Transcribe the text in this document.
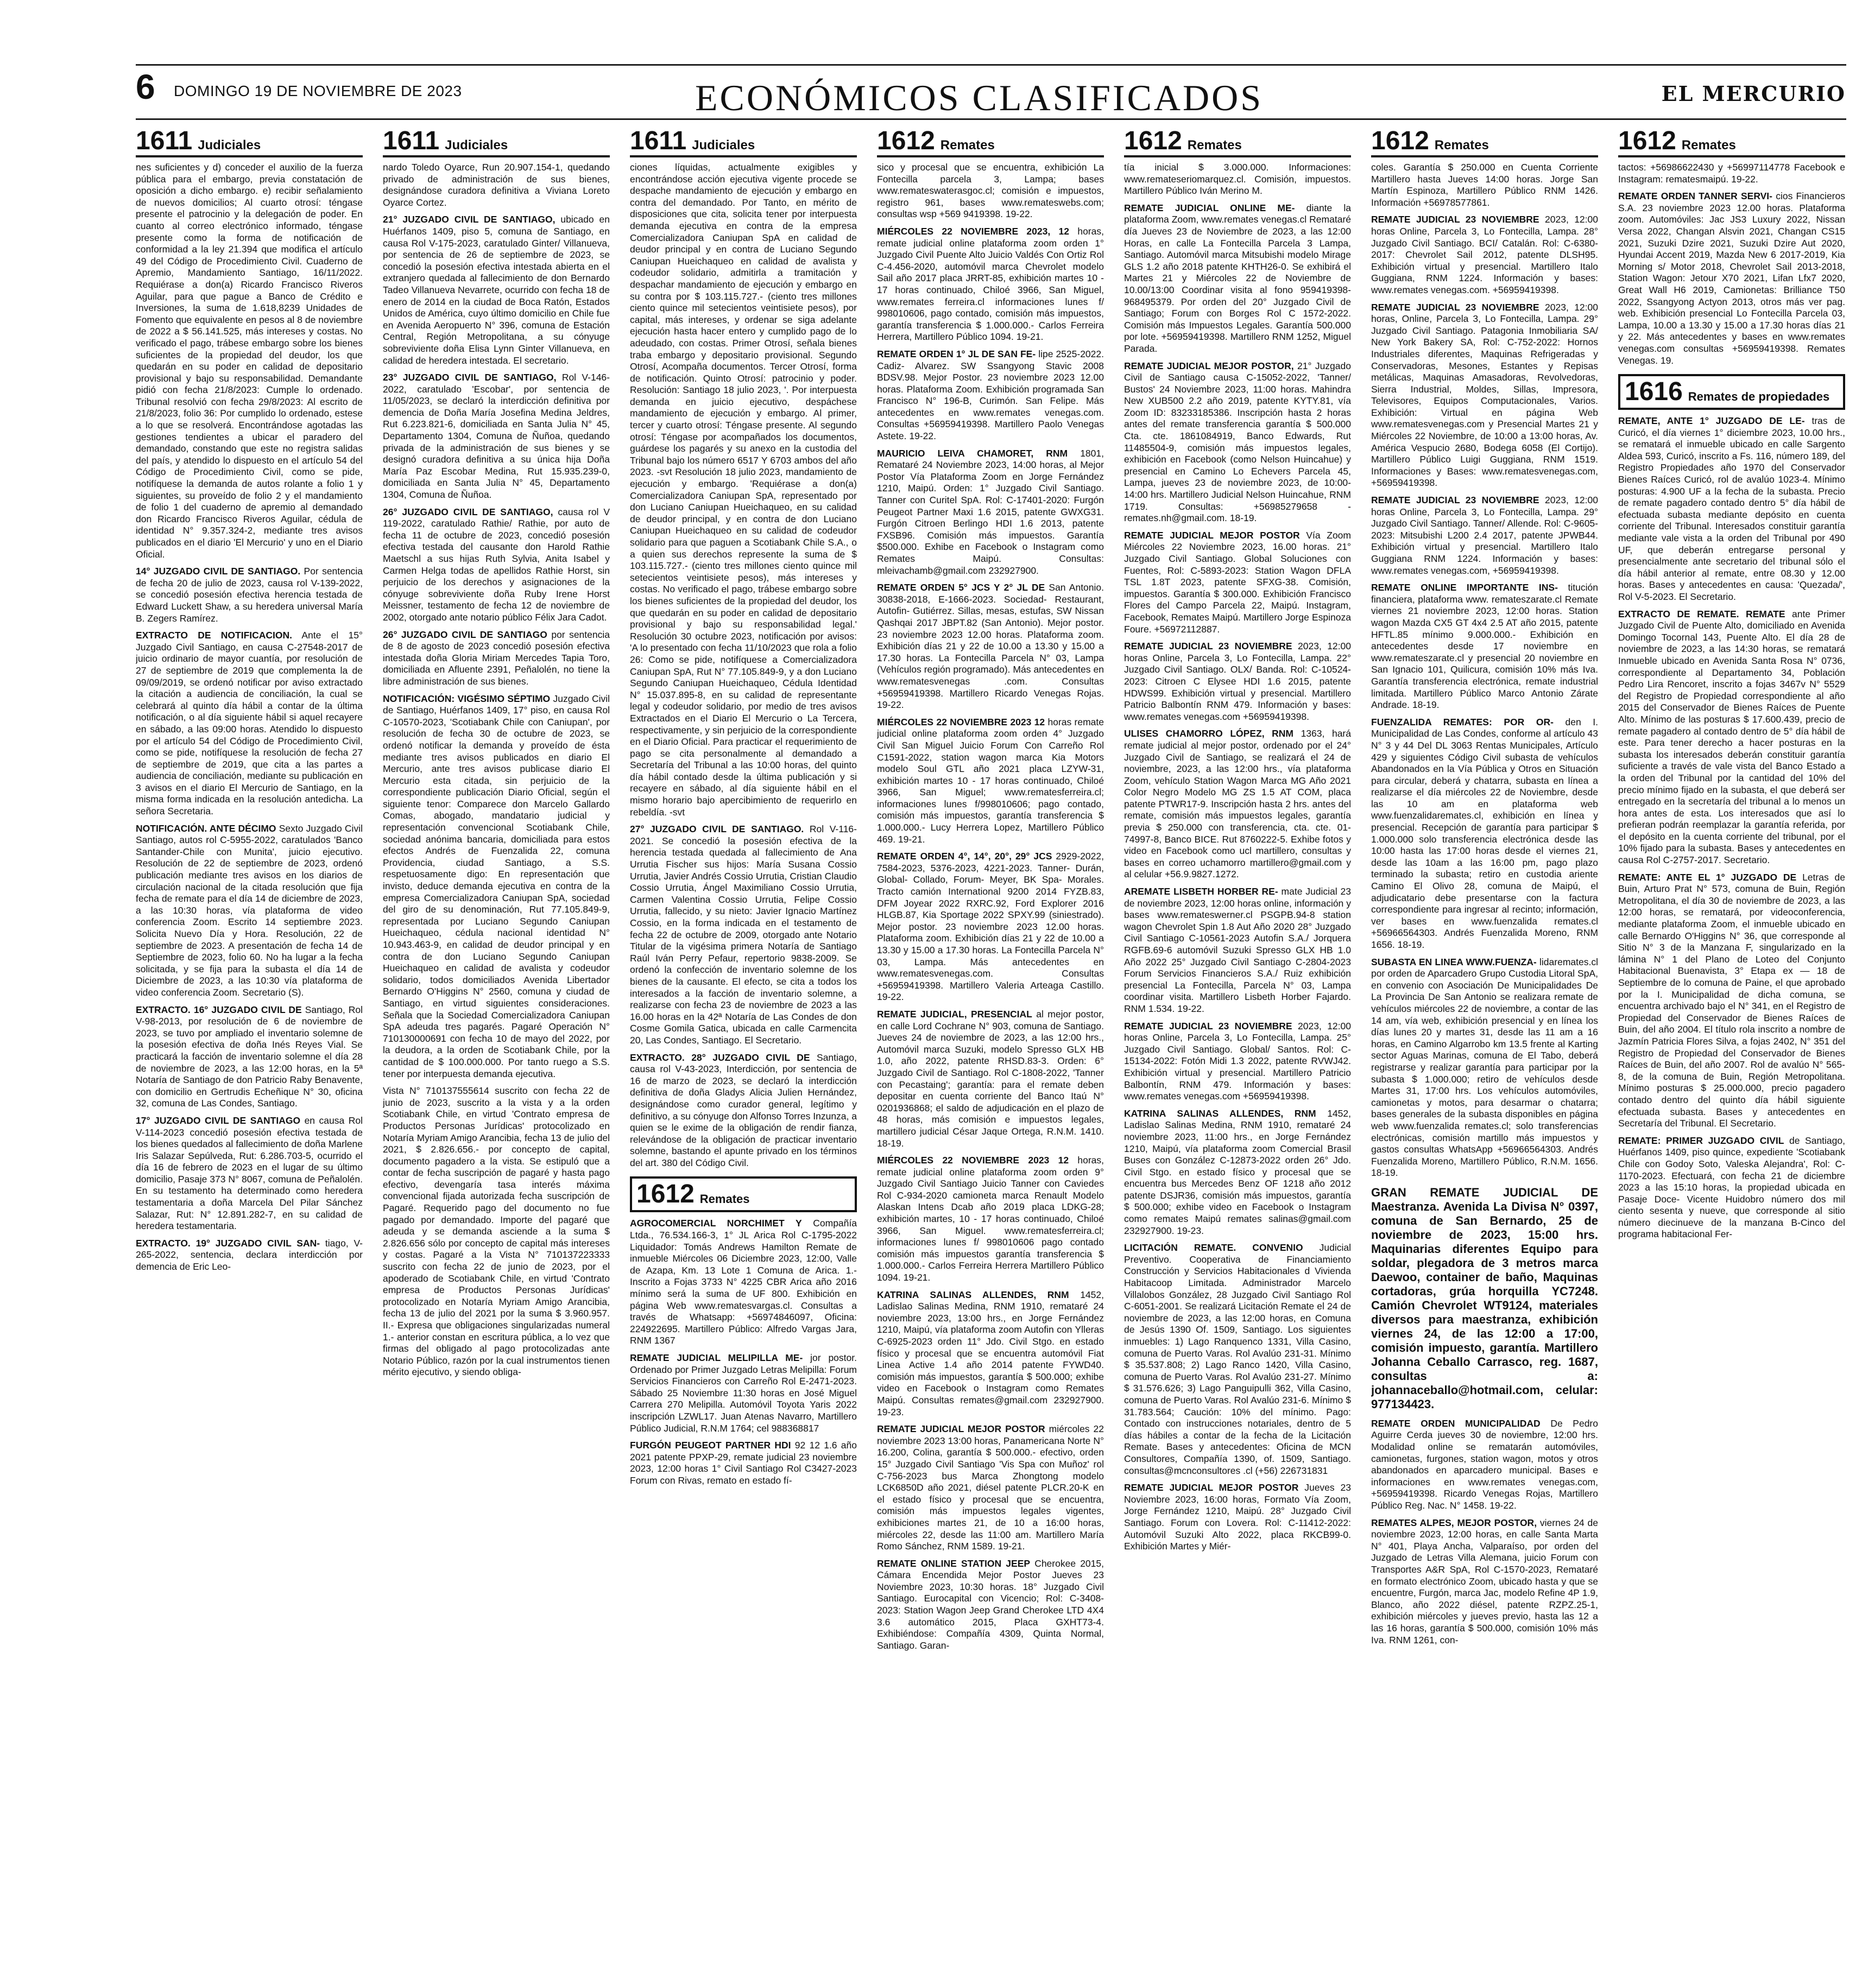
6 DOMINGO 19 DE NOVIEMBRE DE 2023	ECONÓMICOS CLASIFICADOS	EL MERCURIO
1611 Judiciales

nes suficientes y d) conceder el auxilio de la fuerza pública para el embargo, previa constatación de oposición a dicho embargo. e) recibir señalamiento de nuevos domicilios; Al cuarto otrosí: téngase presente el patrocinio y la delegación de poder. En cuanto al correo electrónico informado, téngase presente como la forma de notificación de conformidad a la ley 21.394 que modifica el artículo 49 del Código de Procedimiento Civil. Cuaderno de Apremio, Mandamiento Santiago, 16/11/2022. Requiérase a don(a) Ricardo Francisco Riveros Aguilar, para que pague a Banco de Crédito e Inversiones, la suma de 1.618,8239 Unidades de Fomento que equivalente en pesos al 8 de noviembre de 2022 a $ 56.141.525, más intereses y costas. No verificado el pago, trábese embargo sobre los bienes suficientes de la propiedad del deudor, los que quedarán en su poder en calidad de depositario provisional y bajo su responsabilidad. Demandante pidió con fecha 21/8/2023: Cumple lo ordenado. Tribunal resolvió con fecha 29/8/2023: Al escrito de 21/8/2023, folio 36: Por cumplido lo ordenado, estese a lo que se resolverá. Encontrándose agotadas las gestiones tendientes a ubicar el paradero del demandado, constando que este no registra salidas del país, y atendido lo dispuesto en el artículo 54 del Código de Procedimiento Civil, como se pide, notifíquese la demanda de autos rolante a folio 1 y siguientes, su proveído de folio 2 y el mandamiento de folio 1 del cuaderno de apremio al demandado don Ricardo Francisco Riveros Aguilar, cédula de identidad N° 9.357.324-2, mediante tres avisos publicados en el diario 'El Mercurio' y uno en el Diario Oficial.

14° JUZGADO CIVIL DE SANTIAGO. Por sentencia de fecha 20 de julio de 2023, causa rol V-139-2022, se concedió posesión efectiva herencia testada de Edward Luckett Shaw, a su heredera universal María B. Zegers Ramírez.

EXTRACTO DE NOTIFICACION. Ante el 15° Juzgado Civil Santiago, en causa C-27548-2017 de juicio ordinario de mayor cuantía, por resolución de 27 de septiembre de 2019 que complementa la de 09/09/2019, se ordenó notificar por aviso extractado la citación a audiencia de conciliación, la cual se celebrará al quinto día hábil a contar de la última notificación, o al día siguiente hábil si aquel recayere en sábado, a las 09:00 horas. Atendido lo dispuesto por el artículo 54 del Código de Procedimiento Civil, como se pide, notifíquese la resolución de fecha 27 de septiembre de 2019, que cita a las partes a audiencia de conciliación, mediante su publicación en 3 avisos en el diario El Mercurio de Santiago, en la misma forma indicada en la resolución antedicha. La señora Secretaria.

NOTIFICACIÓN. ANTE DÉCIMO Sexto Juzgado Civil Santiago, autos rol C-5955-2022, caratulados 'Banco Santander-Chile con Munita', juicio ejecutivo. Resolución de 22 de septiembre de 2023, ordenó publicación mediante tres avisos en los diarios de circulación nacional de la citada resolución que fija fecha de remate para el día 14 de diciembre de 2023, a las 10:30 horas, vía plataforma de video conferencia Zoom. Escrito 14 septiembre 2023. Solicita Nuevo Día y Hora. Resolución, 22 de septiembre de 2023. A presentación de fecha 14 de Septiembre de 2023, folio 60. No ha lugar a la fecha solicitada, y se fija para la subasta el día 14 de Diciembre de 2023, a las 10:30 vía plataforma de video conferencia Zoom. Secretario (S).

EXTRACTO. 16° JUZGADO CIVIL DE Santiago, Rol V-98-2013, por resolución de 6 de noviembre de 2023, se tuvo por ampliado el inventario solemne de la posesión efectiva de doña Inés Reyes Vial. Se practicará la facción de inventario solemne el día 28 de noviembre de 2023, a las 12:00 horas, en la 5ª Notaría de Santiago de don Patricio Raby Benavente, con domicilio en Gertrudis Echeñique N° 30, oficina 32, comuna de Las Condes, Santiago.

17° JUZGADO CIVIL DE SANTIAGO en causa Rol V-114-2023 concedió posesión efectiva testada de los bienes quedados al fallecimiento de doña Marlene Iris Salazar Sepúlveda, Rut: 6.286.703-5, ocurrido el día 16 de febrero de 2023 en el lugar de su último domicilio, Pasaje 373 N° 8067, comuna de Peñalolén. En su testamento ha determinado como heredera testamentaria a doña Marcela Del Pilar Sánchez Salazar, Rut: N° 12.891.282-7, en su calidad de heredera testamentaria.

EXTRACTO. 19° JUZGADO CIVIL SAN- tiago, V-265-2022, sentencia, declara interdicción por demencia de Eric Leo-

1611 Judiciales

nardo Toledo Oyarce, Run 20.907.154-1, quedando privado de administración de sus bienes, designándose curadora definitiva a Viviana Loreto Oyarce Cortez.

21° JUZGADO CIVIL DE SANTIAGO, ubicado en Huérfanos 1409, piso 5, comuna de Santiago, en causa Rol V-175-2023, caratulado Ginter/ Villanueva, por sentencia de 26 de septiembre de 2023, se concedió la posesión efectiva intestada abierta en el extranjero quedada al fallecimiento de don Bernardo Tadeo Villanueva Nevarrete, ocurrido con fecha 18 de enero de 2014 en la ciudad de Boca Ratón, Estados Unidos de América, cuyo último domicilio en Chile fue en Avenida Aeropuerto N° 396, comuna de Estación Central, Región Metropolitana, a su cónyuge sobreviviente doña Elisa Lynn Ginter Villanueva, en calidad de heredera intestada. El secretario.

23° JUZGADO CIVIL DE SANTIAGO, Rol V-146-2022, caratulado 'Escobar', por sentencia de 11/05/2023, se declaró la interdicción definitiva por demencia de Doña María Josefina Medina Jeldres, Rut 6.223.821-6, domiciliada en Santa Julia N° 45, Departamento 1304, Comuna de Ñuñoa, quedando privada de la administración de sus bienes y se designó curadora definitiva a su única hija Doña María Paz Escobar Medina, Rut 15.935.239-0, domiciliada en Santa Julia N° 45, Departamento 1304, Comuna de Ñuñoa.

26° JUZGADO CIVIL DE SANTIAGO, causa rol V 119-2022, caratulado Rathie/ Rathie, por auto de fecha 11 de octubre de 2023, concedió posesión efectiva testada del causante don Harold Rathie Maetschl a sus hijas Ruth Sylvia, Anita Isabel y Carmen Helga todas de apellidos Rathie Horst, sin perjuicio de los derechos y asignaciones de la cónyuge sobreviviente doña Ruby Irene Horst Meissner, testamento de fecha 12 de noviembre de 2002, otorgado ante notario público Félix Jara Cadot.

26° JUZGADO CIVIL DE SANTIAGO por sentencia de 8 de agosto de 2023 concedió posesión efectiva intestada doña Gloria Miriam Mercedes Tapia Toro, domiciliada en Afluente 2391, Peñalolén, no tiene la libre administración de sus bienes.

NOTIFICACIÓN: VIGÉSIMO SÉPTIMO Juzgado Civil de Santiago, Huérfanos 1409, 17° piso, en causa Rol C-10570-2023, 'Scotiabank Chile con Caniupan', por resolución de fecha 30 de octubre de 2023, se ordenó notificar la demanda y proveído de ésta mediante tres avisos publicados en diario El Mercurio, ante tres avisos publicase diario El Mercurio esta citada, sin perjuicio de la correspondiente publicación Diario Oficial, según el siguiente tenor: Comparece don Marcelo Gallardo Comas, abogado, mandatario judicial y representación convencional Scotiabank Chile, sociedad anónima bancaria, domiciliada para estos efectos Andrés de Fuenzalida 22, comuna Providencia, ciudad Santiago, a S.S. respetuosamente digo: En representación que invisto, deduce demanda ejecutiva en contra de la empresa Comercializadora Caniupan SpA, sociedad del giro de su denominación, Rut 77.105.849-9, representada por Luciano Segundo Caniupan Hueichaqueo, cédula nacional identidad N° 10.943.463-9, en calidad de deudor principal y en contra de don Luciano Segundo Caniupan Hueichaqueo en calidad de avalista y codeudor solidario, todos domiciliados Avenida Libertador Bernardo O'Higgins N° 2560, comuna y ciudad de Santiago, en virtud siguientes consideraciones. Señala que la Sociedad Comercializadora Caniupan SpA adeuda tres pagarés. Pagaré Operación N° 710130000691 con fecha 10 de mayo del 2022, por la deudora, a la orden de Scotiabank Chile, por la cantidad de $ 100.000.000. Por tanto ruego a S.S. tener por interpuesta demanda ejecutiva.

Vista N° 710137555614 suscrito con fecha 22 de junio de 2023, suscrito a la vista y a la orden Scotiabank Chile, en virtud 'Contrato empresa de Productos Personas Jurídicas' protocolizado en Notaría Myriam Amigo Arancibia, fecha 13 de julio del 2021, $ 2.826.656.- por concepto de capital, documento pagadero a la vista. Se estipuló que a contar de fecha suscripción de pagaré y hasta pago efectivo, devengaría tasa interés máxima convencional fijada autorizada fecha suscripción de Pagaré. Requerido pago del documento no fue pagado por demandado. Importe del pagaré que adeuda y se demanda asciende a la suma $ 2.826.656 sólo por concepto de capital más intereses y costas. Pagaré a la Vista N° 710137223333 suscrito con fecha 22 de junio de 2023, por el apoderado de Scotiabank Chile, en virtud 'Contrato empresa de Productos Personas Jurídicas' protocolizado en Notaría Myriam Amigo Arancibia, fecha 13 de julio del 2021 por la suma $ 3.960.957. II.- Expresa que obligaciones singularizadas numeral 1.- anterior constan en escritura pública, a lo vez que firmas del obligado al pago protocolizadas ante Notario Público, razón por la cual instrumentos tienen mérito ejecutivo, y siendo obliga-

1611 Judiciales

ciones líquidas, actualmente exigibles y encontrándose acción ejecutiva vigente procede se despache mandamiento de ejecución y embargo en contra del demandado. Por Tanto, en mérito de disposiciones que cita, solicita tener por interpuesta demanda ejecutiva en contra de la empresa Comercializadora Caniupan SpA en calidad de deudor principal y en contra de Luciano Segundo Caniupan Hueichaqueo en calidad de avalista y codeudor solidario, admitirla a tramitación y despachar mandamiento de ejecución y embargo en su contra por $ 103.115.727.- (ciento tres millones ciento quince mil setecientos veintisiete pesos), por capital, más intereses, y ordenar se siga adelante ejecución hasta hacer entero y cumplido pago de lo adeudado, con costas. Primer Otrosí, señala bienes traba embargo y depositario provisional. Segundo Otrosí, Acompaña documentos. Tercer Otrosí, forma de notificación. Quinto Otrosí: patrocinio y poder. Resolución: Santiago 18 julio 2023, '. Por interpuesta demanda en juicio ejecutivo, despáchese mandamiento de ejecución y embargo. Al primer, tercer y cuarto otrosí: Téngase presente. Al segundo otrosí: Téngase por acompañados los documentos, guárdese los pagarés y su anexo en la custodia del Tribunal bajo los número 6517 Y 6703 ambos del año 2023. -svt Resolución 18 julio 2023, mandamiento de ejecución y embargo. 'Requiérase a don(a) Comercializadora Caniupan SpA, representado por don Luciano Caniupan Hueichaqueo, en su calidad de deudor principal, y en contra de don Luciano Caniupan Hueichaqueo en su calidad de codeudor solidario para que paguen a Scotiabank Chile S.A., o a quien sus derechos represente la suma de $ 103.115.727.- (ciento tres millones ciento quince mil setecientos veintisiete pesos), más intereses y costas. No verificado el pago, trábese embargo sobre los bienes suficientes de la propiedad del deudor, los que quedarán en su poder en calidad de depositario provisional y bajo su responsabilidad legal.' Resolución 30 octubre 2023, notificación por avisos: 'A lo presentado con fecha 11/10/2023 que rola a folio 26: Como se pide, notifíquese a Comercializadora Caniupan SpA, Rut N° 77.105.849-9, y a don Luciano Segundo Caniupan Hueichaqueo, Cédula Identidad N° 15.037.895-8, en su calidad de representante legal y codeudor solidario, por medio de tres avisos Extractados en el Diario El Mercurio o La Tercera, respectivamente, y sin perjuicio de la correspondiente en el Diario Oficial. Para practicar el requerimiento de pago se cita personalmente al demandado a Secretaría del Tribunal a las 10:00 horas, del quinto día hábil contado desde la última publicación y si recayere en sábado, al día siguiente hábil en el mismo horario bajo apercibimiento de requerirlo en rebeldía. -svt

27° JUZGADO CIVIL DE SANTIAGO. Rol V-116-2021. Se concedió la posesión efectiva de la herencia testada quedada al fallecimiento de Ana Urrutia Fischer sus hijos: María Susana Cossio Urrutia, Javier Andrés Cossio Urrutia, Cristian Claudio Cossio Urrutia, Ángel Maximiliano Cossio Urrutia, Carmen Valentina Cossio Urrutia, Felipe Cossio Urrutia, fallecido, y su nieto: Javier Ignacio Martínez Cossio, en la forma indicada en el testamento de fecha 22 de octubre de 2009, otorgado ante Notario Titular de la vigésima primera Notaría de Santiago Raúl Iván Perry Pefaur, repertorio 9838-2009. Se ordenó la confección de inventario solemne de los bienes de la causante. El efecto, se cita a todos los interesados a la facción de inventario solemne, a realizarse con fecha 23 de noviembre de 2023 a las 16.00 horas en la 42ª Notaría de Las Condes de don Cosme Gomila Gatica, ubicada en calle Carmencita 20, Las Condes, Santiago. El Secretario.

EXTRACTO. 28° JUZGADO CIVIL DE Santiago, causa rol V-43-2023, Interdicción, por sentencia de 16 de marzo de 2023, se declaró la interdicción definitiva de doña Gladys Alicia Julien Hernández, designándose como curador general, legítimo y definitivo, a su cónyuge don Alfonso Torres Inzunza, a quien se le exime de la obligación de rendir fianza, relevándose de la obligación de practicar inventario solemne, bastando el apunte privado en los términos del art. 380 del Código Civil.

1612 Remates

AGROCOMERCIAL NORCHIMET Y Compañía Ltda., 76.534.166-3, 1° JL Arica Rol C-1795-2022 Liquidador: Tomás Andrews Hamilton Remate de inmueble Miércoles 06 Diciembre 2023, 12:00, Valle de Azapa, Km. 13 Lote 1 Comuna de Arica. 1.- Inscrito a Fojas 3733 N° 4225 CBR Arica año 2016 mínimo será la suma de UF 800. Exhibición en página Web www.rematesvargas.cl. Consultas a través de Whatsapp: +56974846097, Oficina: 224922695. Martillero Público: Alfredo Vargas Jara, RNM 1367

REMATE JUDICIAL MELIPILLA ME- jor postor. Ordenado por Primer Juzgado Letras Melipilla: Forum Servicios Financieros con Carreño Rol E-2471-2023. Sábado 25 Noviembre 11:30 horas en José Miguel Carrera 270 Melipilla. Automóvil Toyota Yaris 2022 inscripción LZWL17. Juan Atenas Navarro, Martillero Público Judicial, R.N.M 1764; cel 988368817

FURGÓN PEUGEOT PARTNER HDI 92 12 1.6 año 2021 patente PPXP-29, remate judicial 23 noviembre 2023, 12:00 horas 1° Civil Santiago Rol C3427-2023 Forum con Rivas, remato en estado fí-

1612 Remates

sico y procesal que se encuentra, exhibición La Fontecilla parcela 3, Lampa; bases www.remateswaterasgoc.cl; comisión e impuestos, registro 961, bases www.remateswebs.com; consultas wsp +569 9419398. 19-22.

MIÉRCOLES 22 NOVIEMBRE 2023, 12 horas, remate judicial online plataforma zoom orden 1° Juzgado Civil Puente Alto Juicio Valdés Con Ortiz Rol C-4.456-2020, automóvil marca Chevrolet modelo Sail año 2017 placa JRRT-85, exhibición martes 10 - 17 horas continuado, Chiloé 3966, San Miguel, www.remates ferreira.cl informaciones lunes f/ 998010606, pago contado, comisión más impuestos, garantía transferencia $ 1.000.000.- Carlos Ferreira Herrera, Martillero Público 1094. 19-21.

REMATE ORDEN 1° JL DE SAN FE- lipe 2525-2022. Cadiz- Alvarez. SW Ssangyong Stavic 2008 BDSV.98. Mejor Postor. 23 noviembre 2023 12.00 horas. Plataforma Zoom. Exhibición programada San Francisco N° 196-B, Curimón. San Felipe. Más antecedentes en www.remates venegas.com. Consultas +56959419398. Martillero Paolo Venegas Astete. 19-22.

MAURICIO LEIVA CHAMORET, RNM 1801, Remataré 24 Noviembre 2023, 14:00 horas, al Mejor Postor Vía Plataforma Zoom en Jorge Fernández 1210, Maipú. Orden: 1° Juzgado Civil Santiago. Tanner con Curitel SpA. Rol: C-17401-2020: Furgón Peugeot Partner Maxi 1.6 2015, patente GWXG31. Furgón Citroen Berlingo HDI 1.6 2013, patente FXSB96. Comisión más impuestos. Garantía $500.000. Exhibe en Facebook o Instagram como Remates Maipú. Consultas: mleivachamb@gmail.com 232927900.

REMATE ORDEN 5° JCS Y 2° JL DE San Antonio. 30838-2018, E-1666-2023. Sociedad- Restaurant, Autofin- Gutiérrez. Sillas, mesas, estufas, SW Nissan Qashqai 2017 JBPT.82 (San Antonio). Mejor postor. 23 noviembre 2023 12.00 horas. Plataforma zoom. Exhibición días 21 y 22 de 10.00 a 13.30 y 15.00 a 17.30 horas. La Fontecilla Parcela N° 03, Lampa (Vehículos región programado). Más antecedentes en www.rematesvenegas .com. Consultas +56959419398. Martillero Ricardo Venegas Rojas. 19-22.

MIÉRCOLES 22 NOVIEMBRE 2023 12 horas remate judicial online plataforma zoom orden 4° Juzgado Civil San Miguel Juicio Forum Con Carreño Rol C1591-2022, station wagon marca Kia Motors modelo Soul GTL año 2021 placa LZYW-31, exhibición martes 10 - 17 horas continuado, Chiloé 3966, San Miguel; www.rematesferreira.cl; informaciones lunes f/998010606; pago contado, comisión más impuestos, garantía transferencia $ 1.000.000.- Lucy Herrera Lopez, Martillero Público 469. 19-21.

REMATE ORDEN 4°, 14°, 20°, 29° JCS 2929-2022, 7584-2023, 5376-2023, 4221-2023. Tanner- Durán, Global- Collado, Forum- Meyer, BK Spa- Morales. Tracto camión International 9200 2014 FYZB.83, DFM Joyear 2022 RXRC.92, Ford Explorer 2016 HLGB.87, Kia Sportage 2022 SPXY.99 (siniestrado). Mejor postor. 23 noviembre 2023 12.00 horas. Plataforma zoom. Exhibición días 21 y 22 de 10.00 a 13.30 y 15.00 a 17.30 horas. La Fontecilla Parcela N° 03, Lampa. Más antecedentes en www.rematesvenegas.com. Consultas +56959419398. Martillero Valeria Arteaga Castillo. 19-22.

REMATE JUDICIAL, PRESENCIAL al mejor postor, en calle Lord Cochrane N° 903, comuna de Santiago. Jueves 24 de noviembre de 2023, a las 12:00 hrs., Automóvil marca Suzuki, modelo Spresso GLX HB 1.0, año 2022, patente RHSD.83-3. Orden: 6° Juzgado Civil de Santiago. Rol C-1808-2022, 'Tanner con Pecastaing'; garantía: para el remate deben depositar en cuenta corriente del Banco Itaú N° 0201936868; el saldo de adjudicación en el plazo de 48 horas, más comisión e impuestos legales, martillero judicial César Jaque Ortega, R.N.M. 1410. 18-19.

MIÉRCOLES 22 NOVIEMBRE 2023 12 horas, remate judicial online plataforma zoom orden 9° Juzgado Civil Santiago Juicio Tanner con Caviedes Rol C-934-2020 camioneta marca Renault Modelo Alaskan Intens Dcab año 2019 placa LDKG-28; exhibición martes, 10 - 17 horas continuado, Chiloé 3966, San Miguel. www.rematesferreira.cl; informaciones lunes f/ 998010606 pago contado comisión más impuestos garantía transferencia $ 1.000.000.- Carlos Ferreira Herrera Martillero Público 1094. 19-21.

KATRINA SALINAS ALLENDES, RNM 1452, Ladislao Salinas Medina, RNM 1910, remataré 24 noviembre 2023, 13:00 hrs., en Jorge Fernández 1210, Maipú, vía plataforma zoom Autofin con Ylleras C-6925-2023 orden 11° Jdo. Civil Stgo. en estado físico y procesal que se encuentra automóvil Fiat Linea Active 1.4 año 2014 patente FYWD40. comisión más impuestos, garantía $ 500.000; exhibe video en Facebook o Instagram como Remates Maipú. Consultas remates@gmail.com 232927900. 19-23.

REMATE JUDICIAL MEJOR POSTOR miércoles 22 noviembre 2023 13:00 horas, Panamericana Norte N° 16.200, Colina, garantía $ 500.000.- efectivo, orden 15° Juzgado Civil Santiago 'Vis Spa con Muñoz' rol C-756-2023 bus Marca Zhongtong modelo LCK6850D año 2021, diésel patente PLCR.20-K en el estado físico y procesal que se encuentra, comisión más impuestos legales vigentes, exhibiciones martes 21, de 10 a 16:00 horas, miércoles 22, desde las 11:00 am. Martillero María Romo Sánchez, RNM 1589. 19-21.

REMATE ONLINE STATION JEEP Cherokee 2015, Cámara Encendida Mejor Postor Jueves 23 Noviembre 2023, 10:30 horas. 18° Juzgado Civil Santiago. Eurocapital con Vicencio; Rol: C-3408-2023: Station Wagon Jeep Grand Cherokee LTD 4X4 3.6 automático 2015, Placa GXHT73-4. Exhibiéndose: Compañía 4309, Quinta Normal, Santiago. Garan-

1612 Remates

tía inicial $ 3.000.000. Informaciones: www.remateseriomarquez.cl. Comisión, impuestos. Martillero Público Iván Merino M.

REMATE JUDICIAL ONLINE ME- diante la plataforma Zoom, www.remates venegas.cl Remataré día Jueves 23 de Noviembre de 2023, a las 12:00 Horas, en calle La Fontecilla Parcela 3 Lampa, Santiago. Automóvil marca Mitsubishi modelo Mirage GLS 1.2 año 2018 patente KHTH26-0. Se exhibirá el Martes 21 y Miércoles 22 de Noviembre de 10.00/13:00 Coordinar visita al fono 959419398-968495379. Por orden del 20° Juzgado Civil de Santiago; Forum con Borges Rol C 1572-2022. Comisión más Impuestos Legales. Garantía 500.000 por lote. +56959419398. Martillero RNM 1252, Miguel Parada.

REMATE JUDICIAL MEJOR POSTOR, 21° Juzgado Civil de Santiago causa C-15052-2022, 'Tanner/ Bustos' 24 Noviembre 2023, 11:00 horas. Mahindra New XUB500 2.2 año 2019, patente KYTY.81, vía Zoom ID: 83233185386. Inscripción hasta 2 horas antes del remate transferencia garantía $ 500.000 Cta. cte. 1861084919, Banco Edwards, Rut 11485504-9, comisión más impuestos legales, exhibición en Facebook (como Nelson Huincahue) y presencial en Camino Lo Echevers Parcela 45, Lampa, jueves 23 de noviembre 2023, de 10:00-14:00 hrs. Martillero Judicial Nelson Huincahue, RNM 1719. Consultas: +56985279658 - remates.nh@gmail.com. 18-19.

REMATE JUDICIAL MEJOR POSTOR Vía Zoom Miércoles 22 Noviembre 2023, 16.00 horas. 21° Juzgado Civil Santiago. Global Soluciones con Fuentes, Rol: C-5893-2023: Station Wagon DFLA TSL 1.8T 2023, patente SFXG-38. Comisión, impuestos. Garantía $ 300.000. Exhibición Francisco Flores del Campo Parcela 22, Maipú. Instagram, Facebook, Remates Maipú. Martillero Jorge Espinoza Foure. +56972112887.

REMATE JUDICIAL 23 NOVIEMBRE 2023, 12:00 horas Online, Parcela 3, Lo Fontecilla, Lampa. 22° Juzgado Civil Santiago. OLX/ Banda. Rol: C-10524-2023: Citroen C Elysee HDI 1.6 2015, patente HDWS99. Exhibición virtual y presencial. Martillero Patricio Balbontín RNM 479. Información y bases: www.remates venegas.com +56959419398.

ULISES CHAMORRO LÓPEZ, RNM 1363, hará remate judicial al mejor postor, ordenado por el 24° Juzgado Civil de Santiago, se realizará el 24 de noviembre, 2023, a las 12:00 hrs., vía plataforma Zoom, vehículo Station Wagon Marca MG Año 2021 Color Negro Modelo MG ZS 1.5 AT COM, placa patente PTWR17-9. Inscripción hasta 2 hrs. antes del remate, comisión más impuestos legales, garantía previa $ 250.000 con transferencia, cta. cte. 01-74997-8, Banco BICE. Rut 8760222-5. Exhibe fotos y video en Facebook como ucl martillero, consultas y bases en correo uchamorro martillero@gmail.com y al celular +56.9.9827.1272.

AREMATE LISBETH HORBER RE- mate Judicial 23 de noviembre 2023, 12:00 horas online, información y bases www.remateswerner.cl PSGPB.94-8 station wagon Chevrolet Spin 1.8 Aut Año 2020 28° Juzgado Civil Santiago C-10561-2023 Autofin S.A./ Jorquera RGFB.69-6 automóvil Suzuki Spresso GLX HB 1.0 Año 2022 25° Juzgado Civil Santiago C-2804-2023 Forum Servicios Financieros S.A./ Ruiz exhibición presencial La Fontecilla, Parcela N° 03, Lampa coordinar visita. Martillero Lisbeth Horber Fajardo. RNM 1.534. 19-22.

REMATE JUDICIAL 23 NOVIEMBRE 2023, 12:00 horas Online, Parcela 3, Lo Fontecilla, Lampa. 25° Juzgado Civil Santiago. Global/ Santos. Rol: C-15134-2022: Fotón Midi 1.3 2022, patente RVWJ42. Exhibición virtual y presencial. Martillero Patricio Balbontín, RNM 479. Información y bases: www.remates venegas.com +56959419398.

KATRINA SALINAS ALLENDES, RNM 1452, Ladislao Salinas Medina, RNM 1910, remataré 24 noviembre 2023, 11:00 hrs., en Jorge Fernández 1210, Maipú, vía plataforma zoom Comercial Brasil Buses con González C-12873-2022 orden 26° Jdo. Civil Stgo. en estado físico y procesal que se encuentra bus Mercedes Benz OF 1218 año 2012 patente DSJR36, comisión más impuestos, garantía $ 500.000; exhibe video en Facebook o Instagram como remates Maipú remates salinas@gmail.com 232927900. 19-23.

LICITACIÓN REMATE. CONVENIO Judicial Preventivo. Cooperativa de Financiamiento Construcción y Servicios Habitacionales d Vivienda Habitacoop Limitada. Administrador Marcelo Villalobos González, 28 Juzgado Civil Santiago Rol C-6051-2001. Se realizará Licitación Remate el 24 de noviembre de 2023, a las 12:00 horas, en Comuna de Jesús 1390 Of. 1509, Santiago. Los siguientes inmuebles: 1) Lago Ranquenco 1331, Villa Casino, comuna de Puerto Varas. Rol Avalúo 231-31. Mínimo $ 35.537.808; 2) Lago Ranco 1420, Villa Casino, comuna de Puerto Varas. Rol Avalúo 231-27. Mínimo $ 31.576.626; 3) Lago Panguipulli 362, Villa Casino, comuna de Puerto Varas. Rol Avalúo 231-6. Mínimo $ 31.783.564; Caución: 10% del mínimo. Pago: Contado con instrucciones notariales, dentro de 5 días hábiles a contar de la fecha de la Licitación Remate. Bases y antecedentes: Oficina de MCN Consultores, Compañía 1390, of. 1509, Santiago. consultas@mcnconsultores .cl (+56) 226731831

REMATE JUDICIAL MEJOR POSTOR Jueves 23 Noviembre 2023, 16:00 horas, Formato Vía Zoom, Jorge Fernández 1210, Maipú. 28° Juzgado Civil Santiago. Forum con Lovera. Rol: C-11412-2022: Automóvil Suzuki Alto 2022, placa RKCB99-0. Exhibición Martes y Miér-

1612 Remates

coles. Garantía $ 250.000 en Cuenta Corriente Martillero hasta Jueves 14:00 horas. Jorge San Martín Espinoza, Martillero Público RNM 1426. Información +56978577861.

REMATE JUDICIAL 23 NOVIEMBRE 2023, 12:00 horas Online, Parcela 3, Lo Fontecilla, Lampa. 28° Juzgado Civil Santiago. BCI/ Catalán. Rol: C-6380-2017: Chevrolet Sail 2012, patente DLSH95. Exhibición virtual y presencial. Martillero Italo Guggiana, RNM 1224. Información y bases: www.remates venegas.com. +56959419398.

REMATE JUDICIAL 23 NOVIEMBRE 2023, 12:00 horas, Online, Parcela 3, Lo Fontecilla, Lampa. 29° Juzgado Civil Santiago. Patagonia Inmobiliaria SA/ New York Bakery SA, Rol: C-752-2022: Hornos Industriales diferentes, Maquinas Refrigeradas y Conservadoras, Mesones, Estantes y Repisas metálicas, Maquinas Amasadoras, Revolvedoras, Sierra Industrial, Moldes, Sillas, Impresora, Televisores, Equipos Computacionales, Varios. Exhibición: Virtual en página Web www.rematesvenegas.com y Presencial Martes 21 y Miércoles 22 Noviembre, de 10:00 a 13:00 horas, Av. América Vespucio 2680, Bodega 6058 (El Cortijo). Martillero Público Luigi Guggiana, RNM 1519. Informaciones y Bases: www.rematesvenegas.com, +56959419398.

REMATE JUDICIAL 23 NOVIEMBRE 2023, 12:00 horas Online, Parcela 3, Lo Fontecilla, Lampa. 29° Juzgado Civil Santiago. Tanner/ Allende. Rol: C-9605-2023: Mitsubishi L200 2.4 2017, patente JPWB44. Exhibición virtual y presencial. Martillero Italo Guggiana RNM 1224. Información y bases: www.remates venegas.com, +56959419398.

REMATE ONLINE IMPORTANTE INS- titución financiera, plataforma www. remateszarate.cl Remate viernes 21 noviembre 2023, 12:00 horas. Station wagon Mazda CX5 GT 4x4 2.5 AT año 2015, patente HFTL.85 mínimo 9.000.000.- Exhibición en antecedentes desde 17 noviembre en www.remateszarate.cl y presencial 20 noviembre en San Ignacio 101, Quilicura, comisión 10% más Iva. Garantía transferencia electrónica, remate industrial limitada. Martillero Público Marco Antonio Zárate Andrade. 18-19.

FUENZALIDA REMATES: POR OR- den I. Municipalidad de Las Condes, conforme al artículo 43 N° 3 y 44 Del DL 3063 Rentas Municipales, Artículo 429 y siguientes Código Civil subasta de vehículos Abandonados en la Vía Pública y Otros en Situación para circular, deberá y chatarra, subasta en línea a realizarse el día miércoles 22 de Noviembre, desde las 10 am en plataforma web www.fuenzalidaremates.cl, exhibición en línea y presencial. Recepción de garantía para participar $ 1.000.000 solo transferencia electrónica desde las 10:00 hasta las 17:00 horas desde el viernes 21, desde las 10am a las 16:00 pm, pago plazo terminado la subasta; retiro en custodia ariente Camino El Olivo 28, comuna de Maipú, el adjudicatario debe presentarse con la factura correspondiente para ingresar al recinto; información, ver bases en www.fuenzalida remates.cl +56966564303. Andrés Fuenzalida Moreno, RNM 1656. 18-19.

SUBASTA EN LINEA WWW.FUENZA- lidaremates.cl por orden de Aparcadero Grupo Custodia Litoral SpA, en convenio con Asociación De Municipalidades De La Provincia De San Antonio se realizara remate de vehículos miércoles 22 de noviembre, a contar de las 14 am, vía web, exhibición presencial y en línea los días lunes 20 y martes 31, desde las 11 am a 16 horas, en Camino Algarrobo km 13.5 frente al Karting sector Aguas Marinas, comuna de El Tabo, deberá registrarse y realizar garantía para participar por la subasta $ 1.000.000; retiro de vehículos desde Martes 31, 17:00 hrs. Los vehículos automóviles, camionetas y motos, para desarmar o chatarra; bases generales de la subasta disponibles en página web www.fuenzalida remates.cl; solo transferencias electrónicas, comisión martillo más impuestos y gastos consultas WhatsApp +56966564303. Andrés Fuenzalida Moreno, Martillero Público, R.N.M. 1656. 18-19.

GRAN REMATE JUDICIAL DE Maestranza. Avenida La Divisa N° 0397, comuna de San Bernardo, 25 de noviembre de 2023, 15:00 hrs. Maquinarias diferentes Equipo para soldar, plegadora de 3 metros marca Daewoo, container de baño, Maquinas cortadoras, grúa horquilla YC7248. Camión Chevrolet WT9124, materiales diversos para maestranza, exhibición viernes 24, de las 12:00 a 17:00, comisión impuesto, garantía. Martillero Johanna Ceballo Carrasco, reg. 1687, consultas a: johannaceballo@hotmail.com, celular: 977134423.

REMATE ORDEN MUNICIPALIDAD De Pedro Aguirre Cerda jueves 30 de noviembre, 12:00 hrs. Modalidad online se rematarán automóviles, camionetas, furgones, station wagon, motos y otros abandonados en aparcadero municipal. Bases e informaciones en www.remates venegas.com, +56959419398. Ricardo Venegas Rojas, Martillero Público Reg. Nac. N° 1458. 19-22.

REMATES ALPES, MEJOR POSTOR, viernes 24 de noviembre 2023, 12:00 horas, en calle Santa Marta N° 401, Playa Ancha, Valparaíso, por orden del Juzgado de Letras Villa Alemana, juicio Forum con Transportes A&R SpA, Rol C-1570-2023, Remataré en formato electrónico Zoom, ubicado hasta y que se encuentre, Furgón, marca Jac, modelo Refine 4P 1.9, Blanco, año 2022 diésel, patente RZPZ.25-1, exhibición miércoles y jueves previo, hasta las 12 a las 16 horas, garantía $ 500.000, comisión 10% más Iva. RNM 1261, con-

1612 Remates

tactos: +56986622430 y +56997114778 Facebook e Instagram: rematesmaipú. 19-22.

REMATE ORDEN TANNER SERVI- cios Financieros S.A. 23 noviembre 2023 12.00 horas. Plataforma zoom. Automóviles: Jac JS3 Luxury 2022, Nissan Versa 2022, Changan Alsvin 2021, Changan CS15 2021, Suzuki Dzire 2021, Suzuki Dzire Aut 2020, Hyundai Accent 2019, Mazda New 6 2017-2019, Kia Morning s/ Motor 2018, Chevrolet Sail 2013-2018, Station Wagon: Jetour X70 2021, Lifan Lfx7 2020, Great Wall H6 2019, Camionetas: Brilliance T50 2022, Ssangyong Actyon 2013, otros más ver pag. web. Exhibición presencial Lo Fontecilla Parcela 03, Lampa, 10.00 a 13.30 y 15.00 a 17.30 horas días 21 y 22. Más antecedentes y bases en www.remates venegas.com consultas +56959419398. Remates Venegas. 19.

1616 Remates de propiedades

REMATE, ANTE 1° JUZGADO DE LE- tras de Curicó, el día viernes 1° diciembre 2023, 10.00 hrs., se rematará el inmueble ubicado en calle Sargento Aldea 593, Curicó, inscrito a Fs. 116, número 189, del Registro Propiedades año 1970 del Conservador Bienes Raíces Curicó, rol de avalúo 1023-4. Mínimo posturas: 4.900 UF a la fecha de la subasta. Precio de remate pagadero contado dentro 5° día hábil de efectuada subasta mediante depósito en cuenta corriente del Tribunal. Interesados constituir garantía mediante vale vista a la orden del Tribunal por 490 UF, que deberán entregarse personal y presencialmente ante secretario del tribunal sólo el día hábil anterior al remate, entre 08.30 y 12.00 horas. Bases y antecedentes en causa: 'Quezada/', Rol V-5-2023. El Secretario.

EXTRACTO DE REMATE. REMATE ante Primer Juzgado Civil de Puente Alto, domiciliado en Avenida Domingo Tocornal 143, Puente Alto. El día 28 de noviembre de 2023, a las 14:30 horas, se rematará Inmueble ubicado en Avenida Santa Rosa N° 0736, correspondiente al Departamento 34, Población Pedro Lira Rencoret, inscrito a fojas 3467v N° 5529 del Registro de Propiedad correspondiente al año 2015 del Conservador de Bienes Raíces de Puente Alto. Mínimo de las posturas $ 17.600.439, precio de remate pagadero al contado dentro de 5° día hábil de este. Para tener derecho a hacer posturas en la subasta los interesados deberán constituir garantía suficiente a través de vale vista del Banco Estado a la orden del Tribunal por la cantidad del 10% del precio mínimo fijado en la subasta, el que deberá ser entregado en la secretaría del tribunal a lo menos un hora antes de esta. Los interesados que así lo prefieran podrán reemplazar la garantía referida, por el depósito en la cuenta corriente del tribunal, por el 10% fijado para la subasta. Bases y antecedentes en causa Rol C-2757-2017. Secretario.

REMATE: ANTE EL 1° JUZGADO DE Letras de Buin, Arturo Prat N° 573, comuna de Buin, Región Metropolitana, el día 30 de noviembre de 2023, a las 12:00 horas, se rematará, por videoconferencia, mediante plataforma Zoom, el inmueble ubicado en calle Bernardo O'Higgins N° 36, que corresponde al Sitio N° 3 de la Manzana F, singularizado en la lámina N° 1 del Plano de Loteo del Conjunto Habitacional Buenavista, 3° Etapa ex — 18 de Septiembre de lo comuna de Paine, el que aprobado por la I. Municipalidad de dicha comuna, se encuentra archivado bajo el N° 341, en el Registro de Propiedad del Conservador de Bienes Raíces de Buin, del año 2004. El título rola inscrito a nombre de Jazmín Patricia Flores Silva, a fojas 2402, N° 351 del Registro de Propiedad del Conservador de Bienes Raíces de Buin, del año 2007. Rol de avalúo N° 565-8, de la comuna de Buin, Región Metropolitana. Mínimo posturas $ 25.000.000, precio pagadero contado dentro del quinto día hábil siguiente efectuada subasta. Bases y antecedentes en Secretaría del Tribunal. El Secretario.

REMATE: PRIMER JUZGADO CIVIL de Santiago, Huérfanos 1409, piso quince, expediente 'Scotiabank Chile con Godoy Soto, Valeska Alejandra', Rol: C-1170-2023. Efectuará, con fecha 21 de diciembre 2023 a las 15:10 horas, la propiedad ubicada en Pasaje Doce- Vicente Huidobro número dos mil ciento sesenta y nueve, que corresponde al sitio número diecinueve de la manzana B-Cinco del programa habitacional Fer-
